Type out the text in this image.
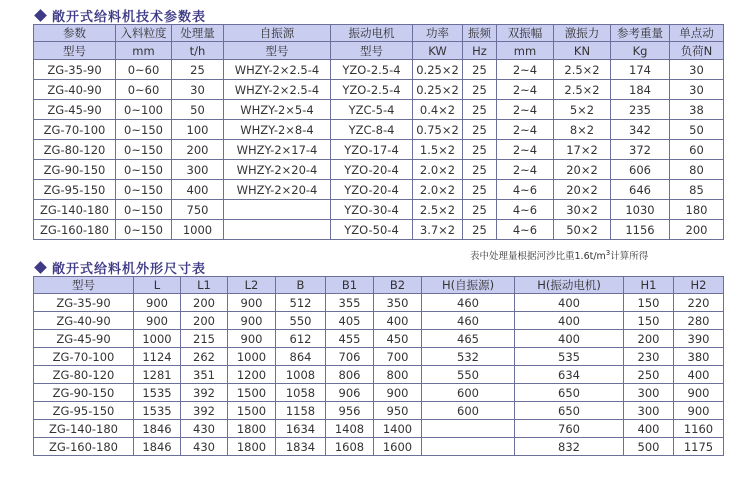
敞开式给料机技术参数表
参数	入料粒度	处理量	自振源	振动电机	功率	振频	双振幅	激振力	参考重量	单点动
型号	mm	t/h	型号	型号	KW	Hz	mm	KN	Kg	负荷N
ZG-35-90	0~60	25	WHZY-2×2.5-4	YZO-2.5-4	0.25×2	25	2~4	2.5×2	174	30
ZG-40-90	0~60	30	WHZY-2×2.5-4	YZO-2.5-4	0.25×2	25	2~4	2.5×2	184	30
ZG-45-90	0~100	50	WHZY-2×5-4	YZC-5-4	0.4×2	25	2~4	5×2	235	38
ZG-70-100	0~150	100	WHZY-2×8-4	YZC-8-4	0.75×2	25	2~4	8×2	342	50
ZG-80-120	0~150	200	WHZY-2×17-4	YZO-17-4	1.5×2	25	2~4	17×2	372	60
ZG-90-150	0~150	300	WHZY-2×20-4	YZO-20-4	2.0×2	25	2~4	20×2	606	80
ZG-95-150	0~150	400	WHZY-2×20-4	YZO-20-4	2.0×2	25	4~6	20×2	646	85
ZG-140-180	0~150	750		YZO-30-4	2.5×2	25	4~6	30×2	1030	180
ZG-160-180	0~150	1000		YZO-50-4	3.7×2	25	4~6	50×2	1156	200
表中处理量根据河沙比重$1.6t/m^3$计算所得
敞开式给料机外形尺寸表
型号	L	L1	L2	B	B1	B2	H(自振源)	H(振动电机)	H1	H2
ZG-35-90	900	200	900	512	355	350	460	400	150	220
ZG-40-90	900	200	900	550	405	400	460	400	150	280
ZG-45-90	1000	215	900	612	455	450	465	400	200	390
ZG-70-100	1124	262	1000	864	706	700	532	535	230	380
ZG-80-120	1281	351	1200	1008	806	800	550	634	250	400
ZG-90-150	1535	392	1500	1058	906	900	600	650	300	900
ZG-95-150	1535	392	1500	1158	956	950	600	650	300	900
ZG-140-180	1846	430	1800	1634	1408	1400		760	400	1160
ZG-160-180	1846	430	1800	1834	1608	1600		832	500	1175
